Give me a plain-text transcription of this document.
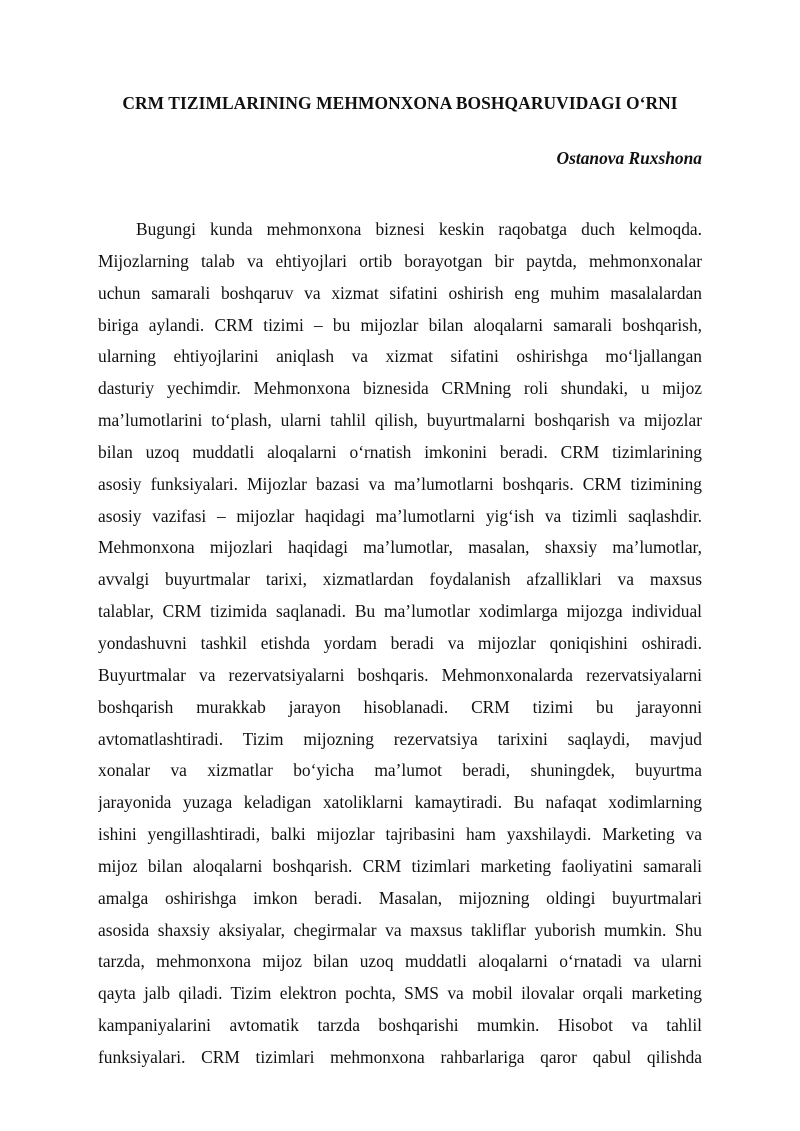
CRM TIZIMLARINING MEHMONXONA BOSHQARUVIDAGI O‘RNI
Ostanova Ruxshona
Bugungi kunda mehmonxona biznesi keskin raqobatga duch kelmoqda.
Mijozlarning talab va ehtiyojlari ortib borayotgan bir paytda, mehmonxonalar
uchun samarali boshqaruv va xizmat sifatini oshirish eng muhim masalalardan
biriga aylandi. CRM tizimi – bu mijozlar bilan aloqalarni samarali boshqarish,
ularning ehtiyojlarini aniqlash va xizmat sifatini oshirishga mo‘ljallangan
dasturiy yechimdir. Mehmonxona biznesida CRMning roli shundaki, u mijoz
ma’lumotlarini to‘plash, ularni tahlil qilish, buyurtmalarni boshqarish va mijozlar
bilan uzoq muddatli aloqalarni o‘rnatish imkonini beradi. CRM tizimlarining
asosiy funksiyalari. Mijozlar bazasi va ma’lumotlarni boshqaris. CRM tizimining
asosiy vazifasi – mijozlar haqidagi ma’lumotlarni yig‘ish va tizimli saqlashdir.
Mehmonxona mijozlari haqidagi ma’lumotlar, masalan, shaxsiy ma’lumotlar,
avvalgi buyurtmalar tarixi, xizmatlardan foydalanish afzalliklari va maxsus
talablar, CRM tizimida saqlanadi. Bu ma’lumotlar xodimlarga mijozga individual
yondashuvni tashkil etishda yordam beradi va mijozlar qoniqishini oshiradi.
Buyurtmalar va rezervatsiyalarni boshqaris. Mehmonxonalarda rezervatsiyalarni
boshqarish murakkab jarayon hisoblanadi. CRM tizimi bu jarayonni
avtomatlashtiradi. Tizim mijozning rezervatsiya tarixini saqlaydi, mavjud
xonalar va xizmatlar bo‘yicha ma’lumot beradi, shuningdek, buyurtma
jarayonida yuzaga keladigan xatoliklarni kamaytiradi. Bu nafaqat xodimlarning
ishini yengillashtiradi, balki mijozlar tajribasini ham yaxshilaydi. Marketing va
mijoz bilan aloqalarni boshqarish. CRM tizimlari marketing faoliyatini samarali
amalga oshirishga imkon beradi. Masalan, mijozning oldingi buyurtmalari
asosida shaxsiy aksiyalar, chegirmalar va maxsus takliflar yuborish mumkin. Shu
tarzda, mehmonxona mijoz bilan uzoq muddatli aloqalarni o‘rnatadi va ularni
qayta jalb qiladi. Tizim elektron pochta, SMS va mobil ilovalar orqali marketing
kampaniyalarini avtomatik tarzda boshqarishi mumkin. Hisobot va tahlil
funksiyalari. CRM tizimlari mehmonxona rahbarlariga qaror qabul qilishda
